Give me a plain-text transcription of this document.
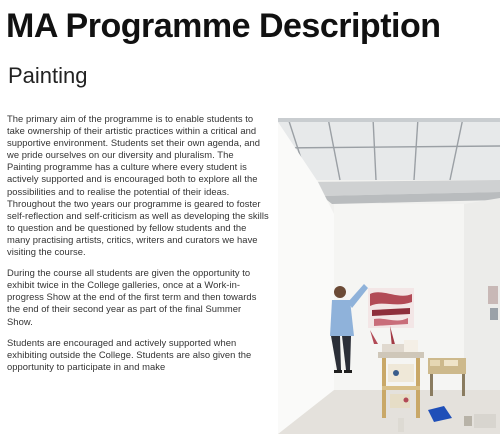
MA Programme Description
Painting

The primary aim of the programme is to enable students to take ownership of their artistic practices within a critical and supportive environment. Students set their own agenda, and we pride ourselves on our diversity and pluralism. The Painting programme has a culture where every student is actively supported and is encouraged both to explore all the possibilities and to realise the potential of their ideas. Throughout the two years our programme is geared to foster self-reflection and self-criticism as well as developing the skills to question and be questioned by fellow students and the many practising artists, critics, writers and curators we have visiting the course.

During the course all students are given the opportunity to exhibit twice in the College galleries, once at a Work-in-progress Show at the end of the first term and then towards the end of their second year as part of the final Summer Show.

Students are encouraged and actively supported when exhibiting outside the College. Students are also given the opportunity to participate in and make
